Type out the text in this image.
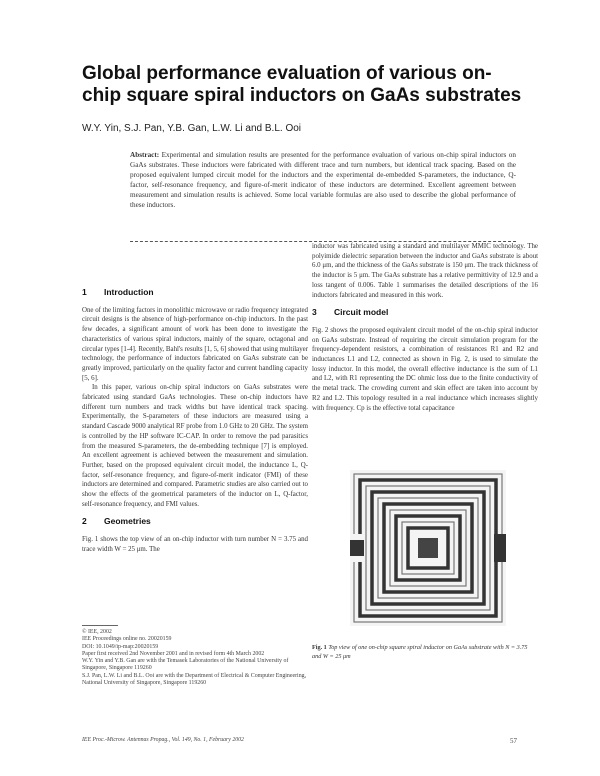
Global performance evaluation of various on-chip square spiral inductors on GaAs substrates
W.Y. Yin, S.J. Pan, Y.B. Gan, L.W. Li and B.L. Ooi
Abstract: Experimental and simulation results are presented for the performance evaluation of various on-chip spiral inductors on GaAs substrates. These inductors were fabricated with different trace and turn numbers, but identical track spacing. Based on the proposed equivalent lumped circuit model for the inductors and the experimental de-embedded S-parameters, the inductance, Q-factor, self-resonance frequency, and figure-of-merit indicator of these inductors are determined. Excellent agreement between measurement and simulation results is achieved. Some local variable formulas are also used to describe the global performance of these inductors.
1 Introduction

One of the limiting factors in monolithic microwave or radio frequency integrated circuit designs is the absence of high-performance on-chip inductors. In the past few decades, a significant amount of work has been done to investigate the characteristics of various spiral inductors, mainly of the square, octagonal and circular types [1-4]. Recently, Bahl's results [1, 5, 6] showed that using multilayer technology, the performance of inductors fabricated on GaAs substrate can be greatly improved, particularly on the quality factor and current handling capacity [5, 6].

In this paper, various on-chip spiral inductors on GaAs substrates were fabricated using standard GaAs technologies. These on-chip inductors have different turn numbers and track widths but have identical track spacing. Experimentally, the S-parameters of these inductors are measured using a standard Cascade 9000 analytical RF probe from 1.0 GHz to 20 GHz. The system is controlled by the HP software IC-CAP. In order to remove the pad parasitics from the measured S-parameters, the de-embedding technique [7] is employed. An excellent agreement is achieved between the measurement and simulation. Further, based on the proposed equivalent circuit model, the inductance L, Q-factor, self-resonance frequency, and figure-of-merit indicator (FMI) of these inductors are determined and compared. Parametric studies are also carried out to show the effects of the geometrical parameters of the inductor on L, Q-factor, self-resonance frequency, and FMI values.

2 Geometries

Fig. 1 shows the top view of an on-chip inductor with turn number N = 3.75 and trace width W = 25 μm. The

© IEE, 2002
IEE Proceedings online no. 20020159
DOI: 10.1049/ip-map:20020159
Paper first received 2nd November 2001 and in revised form 4th March 2002
W.Y. Yin and Y.B. Gan are with the Temasek Laboratories of the National University of Singapore, Singapore 119260
S.J. Pan, L.W. Li and B.L. Ooi are with the Department of Electrical & Computer Engineering, National University of Singapore, Singapore 119260

inductor was fabricated using a standard and multilayer MMIC technology. The polyimide dielectric separation between the inductor and GaAs substrate is about 6.0 μm, and the thickness of the GaAs substrate is 150 μm. The track thickness of the inductor is 5 μm. The GaAs substrate has a relative permittivity of 12.9 and a loss tangent of 0.006. Table 1 summarises the detailed descriptions of the 16 inductors fabricated and measured in this work.

3 Circuit model

Fig. 2 shows the proposed equivalent circuit model of the on-chip spiral inductor on GaAs substrate. Instead of requiring the circuit simulation program for the frequency-dependent resistors, a combination of resistances R1 and R2 and inductances L1 and L2, connected as shown in Fig. 2, is used to simulate the lossy inductor. In this model, the overall effective inductance is the sum of L1 and L2, with R1 representing the DC ohmic loss due to the finite conductivity of the metal track. The crowding current and skin effect are taken into account by R2 and L2. This topology resulted in a real inductance which increases slightly with frequency. Cp is the effective total capacitance

Fig. 1 Top view of one on-chip square spiral inductor on GaAs substrate with N = 3.75 and W = 25 μm
IEE Proc.-Microw. Antennas Propag., Vol. 149, No. 1, February 2002	57
